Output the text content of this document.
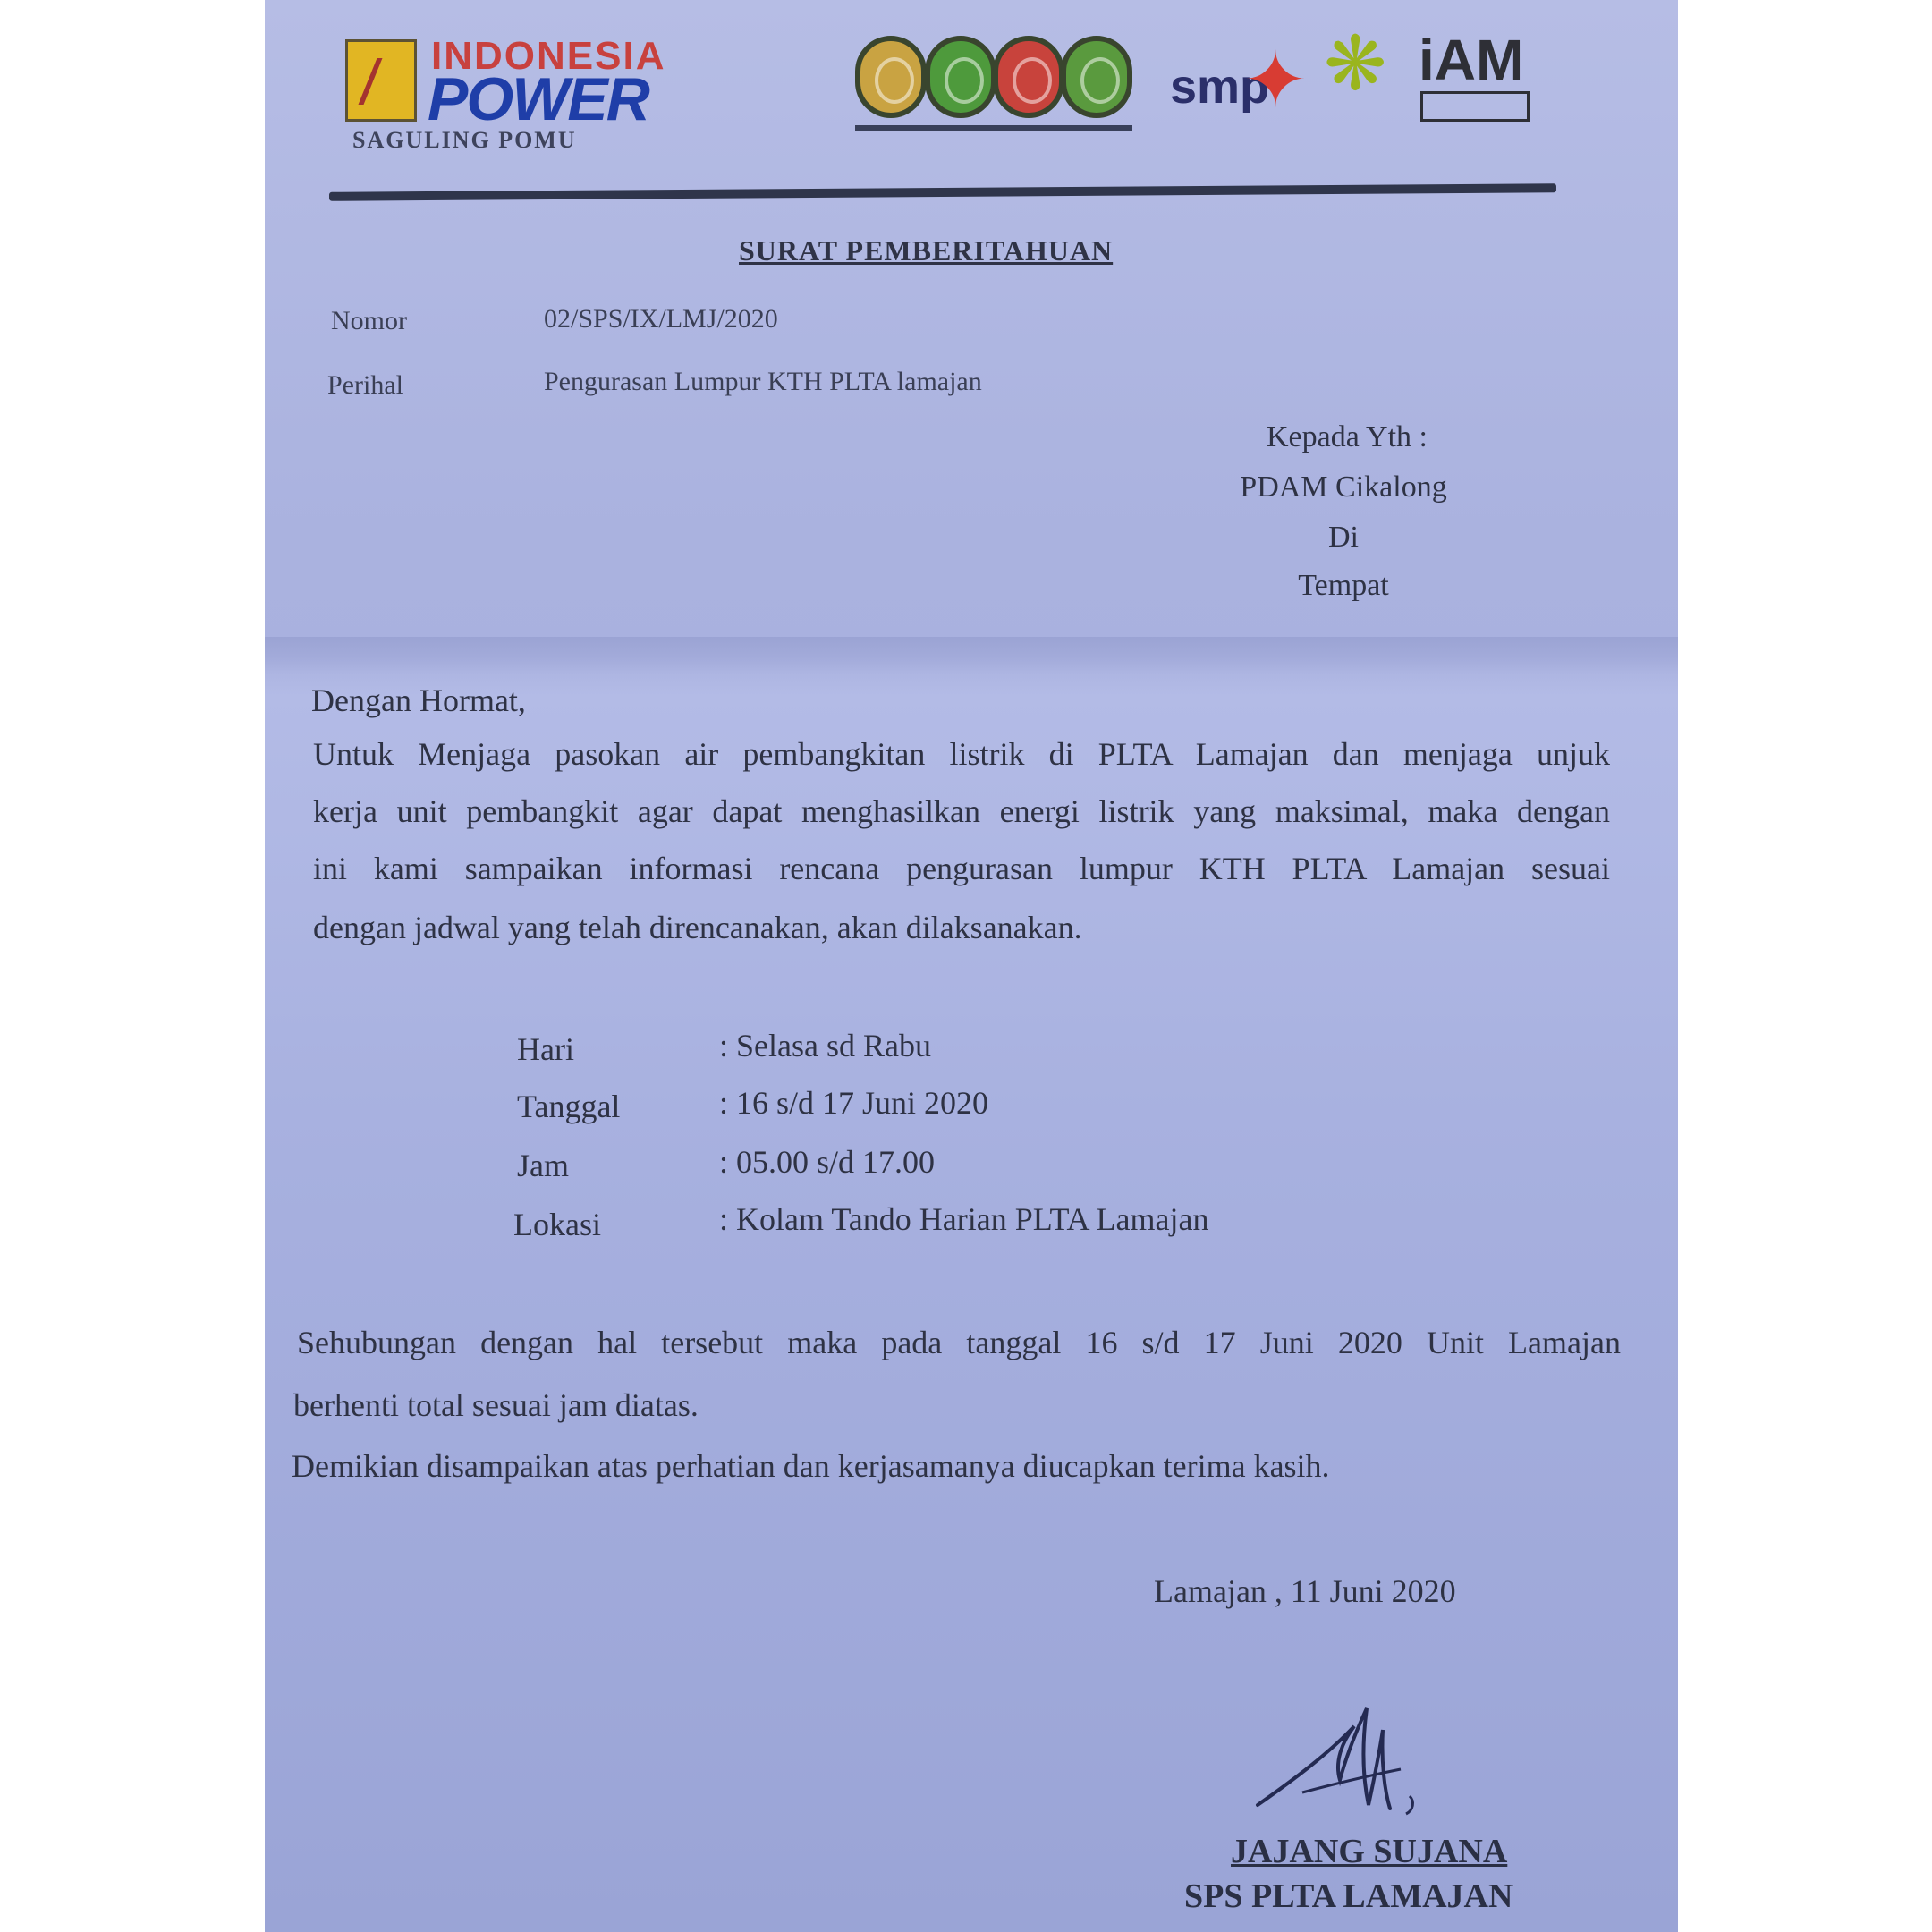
INDONESIA
POWER
SAGULING POMU
smp
✦ ❋ iAM
SURAT PEMBERITAHUAN
Nomor	02/SPS/IX/LMJ/2020
Perihal	Pengurasan Lumpur KTH PLTA lamajan
Kepada Yth :
PDAM Cikalong
Di
Tempat
Dengan Hormat,
Untuk Menjaga pasokan air pembangkitan listrik di PLTA Lamajan dan menjaga unjuk
kerja unit pembangkit agar dapat menghasilkan energi listrik yang maksimal, maka dengan
ini kami sampaikan informasi rencana pengurasan lumpur KTH PLTA Lamajan sesuai
dengan jadwal yang telah direncanakan, akan dilaksanakan.
Hari	: Selasa sd Rabu
Tanggal	: 16 s/d 17 Juni 2020
Jam	: 05.00 s/d 17.00
Lokasi	: Kolam Tando Harian PLTA Lamajan
Sehubungan dengan hal tersebut maka pada tanggal 16 s/d 17 Juni 2020 Unit Lamajan
berhenti total sesuai jam diatas.
Demikian disampaikan atas perhatian dan kerjasamanya diucapkan terima kasih.
Lamajan , 11 Juni 2020
JAJANG SUJANA
SPS PLTA LAMAJAN
